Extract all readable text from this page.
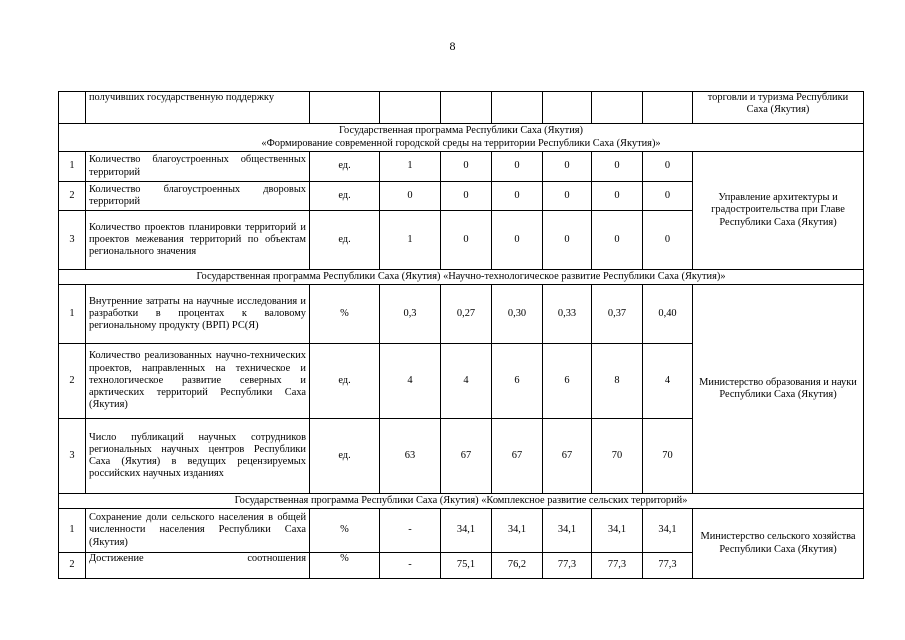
8
	получивших государственную поддержку								торговли и туризма Республики Саха (Якутия)

Государственная программа Республики Саха (Якутия)
«Формирование современной городской среды на территории Республики Саха (Якутия)»									

1	Количество благоустроенных общественных территорий	ед.	1	0	0	0	0	0	Управление архитектуры и градостроительства при Главе Республики Саха (Якутия)
2	Количество благоустроенных дворовых территорий	ед.	0	0	0	0	0	0	
3	Количество проектов планировки территорий и проектов межевания территорий по объектам регионального значения	ед.	1	0	0	0	0	0	
Государственная программа Республики Саха (Якутия) «Научно-технологическое развитие Республики Саха (Якутия)»									
1	Внутренние затраты на научные исследования и разработки в процентах к валовому региональному продукту (ВРП) РС(Я)	%	0,3	0,27	0,30	0,33	0,37	0,40	Министерство образования и науки Республики Саха (Якутия)
2	Количество реализованных научно-технических проектов, направленных на техническое и технологическое развитие северных и арктических территорий Республики Саха (Якутия)	ед.	4	4	6	6	8	4	
3	Число публикаций научных сотрудников региональных научных центров Республики Саха (Якутия) в ведущих рецензируемых российских научных изданиях	ед.	63	67	67	67	70	70	
Государственная программа Республики Саха (Якутия) «Комплексное развитие сельских территорий»									
1	Сохранение доли сельского населения в общей численности населения Республики Саха (Якутия)	%	-	34,1	34,1	34,1	34,1	34,1	Министерство сельского хозяйства Республики Саха (Якутия)
2	Достижение соотношения	%	-	75,1	76,2	77,3	77,3	77,3	
